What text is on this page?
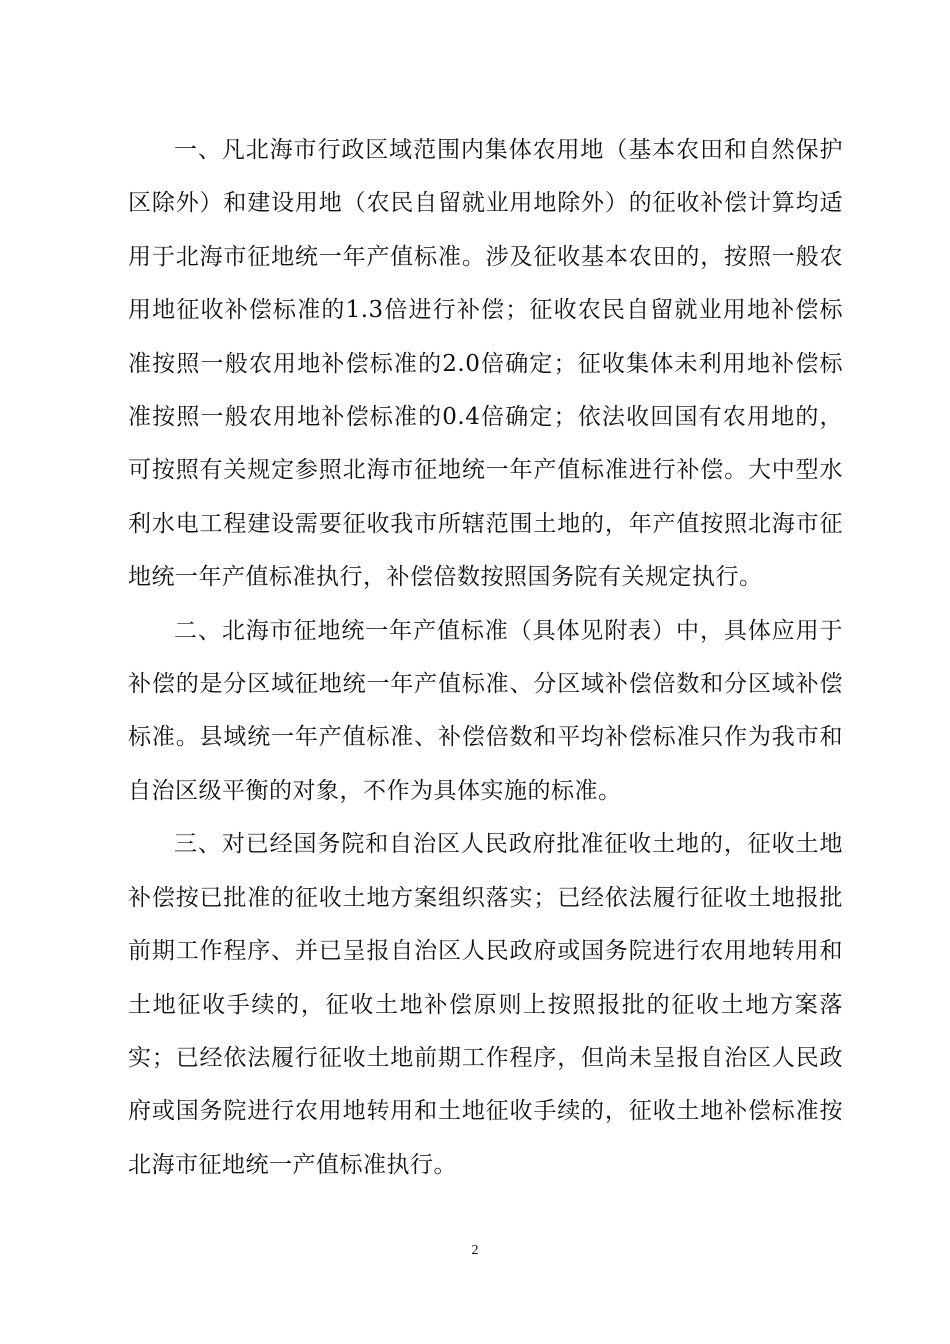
一、凡北海市行政区域范围内集体农用地（基本农田和自然保护区除外）和建设用地（农民自留就业用地除外）的征收补偿计算均适用于北海市征地统一年产值标准。涉及征收基本农田的，按照一般农用地征收补偿标准的1.3倍进行补偿；征收农民自留就业用地补偿标准按照一般农用地补偿标准的2.0倍确定；征收集体未利用地补偿标准按照一般农用地补偿标准的0.4倍确定；依法收回国有农用地的，可按照有关规定参照北海市征地统一年产值标准进行补偿。大中型水利水电工程建设需要征收我市所辖范围土地的，年产值按照北海市征地统一年产值标准执行，补偿倍数按照国务院有关规定执行。

二、北海市征地统一年产值标准（具体见附表）中，具体应用于补偿的是分区域征地统一年产值标准、分区域补偿倍数和分区域补偿标准。县域统一年产值标准、补偿倍数和平均补偿标准只作为我市和自治区级平衡的对象，不作为具体实施的标准。

三、对已经国务院和自治区人民政府批准征收土地的，征收土地补偿按已批准的征收土地方案组织落实；已经依法履行征收土地报批前期工作程序、并已呈报自治区人民政府或国务院进行农用地转用和土地征收手续的，征收土地补偿原则上按照报批的征收土地方案落实；已经依法履行征收土地前期工作程序，但尚未呈报自治区人民政府或国务院进行农用地转用和土地征收手续的，征收土地补偿标准按北海市征地统一产值标准执行。

2
